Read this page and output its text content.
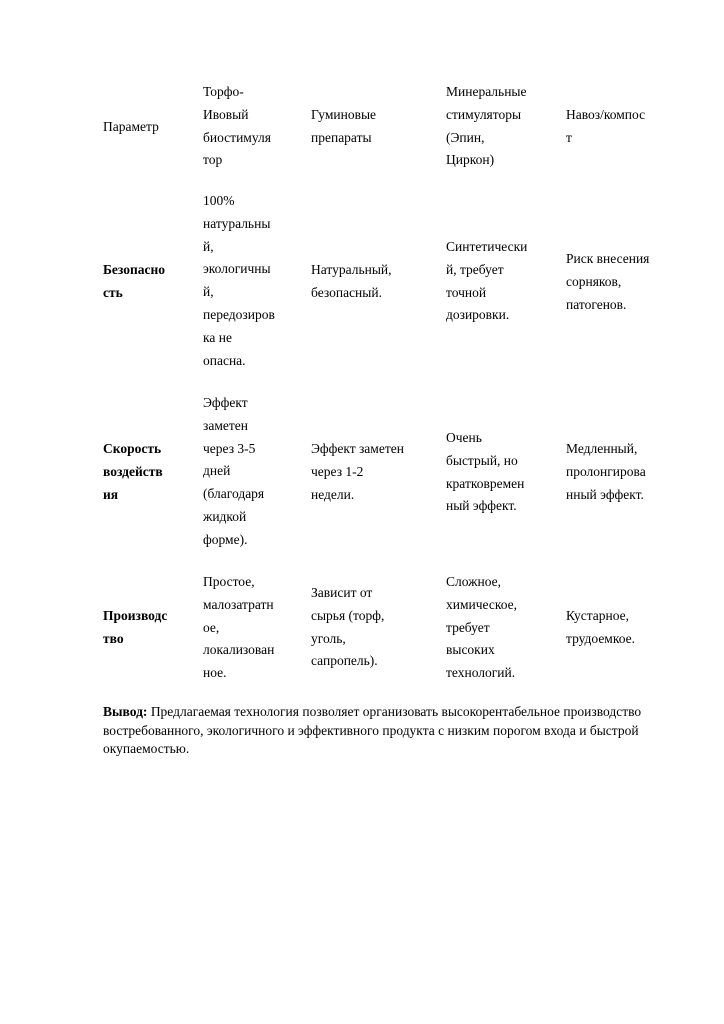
Параметр
Торфо-
Ивовый
биостимуля
тор
Гуминовые
препараты
Минеральные
стимуляторы
(Эпин,
Циркон)
Навоз/компос
т
Безопасно
сть
100%
натуральны
й,
экологичны
й,
передозиров
ка не
опасна.
Натуральный,
безопасный.
Синтетически
й, требует
точной
дозировки.
Риск внесения
сорняков,
патогенов.
Скорость
воздейств
ия
Эффект
заметен
через 3-5
дней
(благодаря
жидкой
форме).
Эффект заметен
через 1-2
недели.
Очень
быстрый, но
кратковремен
ный эффект.
Медленный,
пролонгирова
нный эффект.
Производс
тво
Простое,
малозатратн
ое,
локализован
ное.
Зависит от
сырья (торф,
уголь,
сапропель).
Сложное,
химическое,
требует
высоких
технологий.
Кустарное,
трудоемкое.
Вывод: Предлагаемая технология позволяет организовать высокорентабельное производство востребованного, экологичного и эффективного продукта с низким порогом входа и быстрой окупаемостью.
